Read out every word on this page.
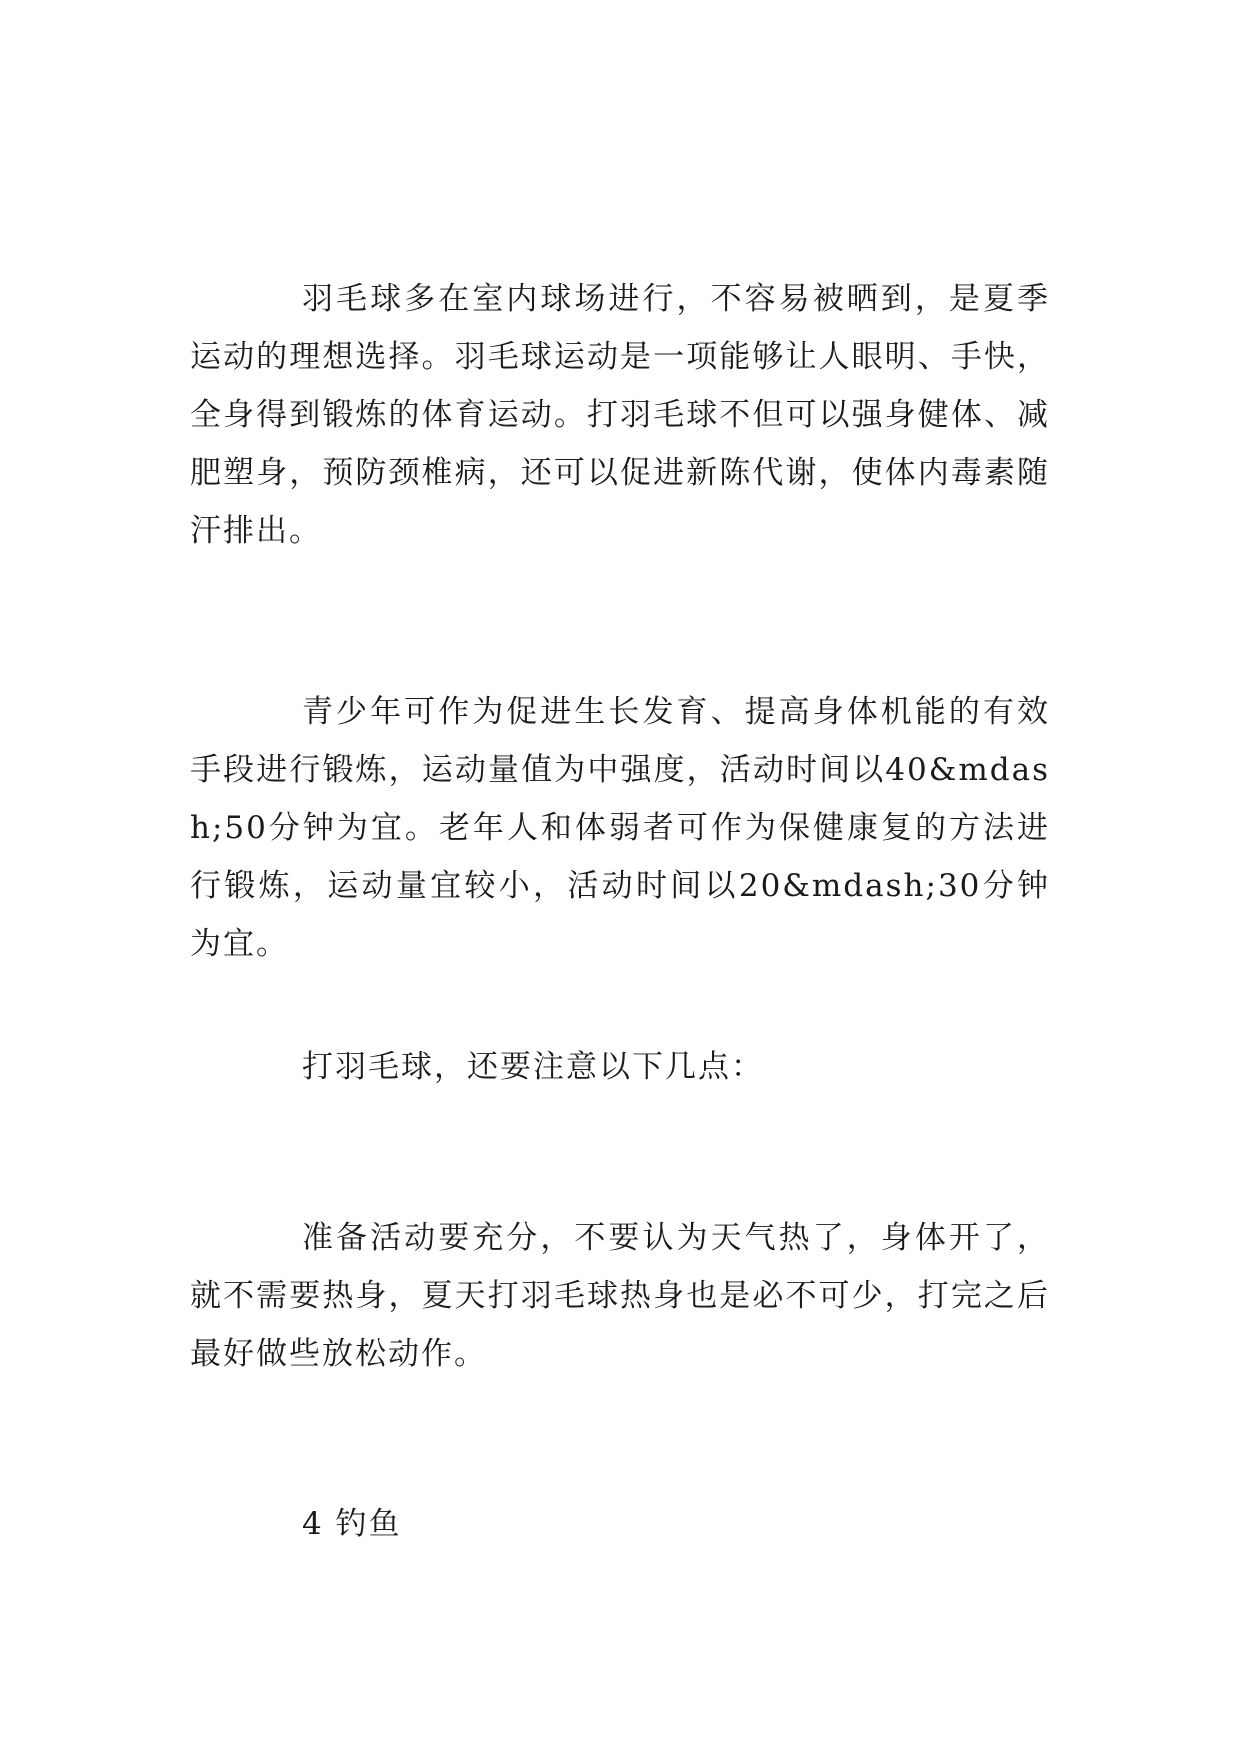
羽毛球多在室内球场进行，不容易被晒到，是夏季运动的理想选择。羽毛球运动是一项能够让人眼明、手快，全身得到锻炼的体育运动。打羽毛球不但可以强身健体、减肥塑身，预防颈椎病，还可以促进新陈代谢，使体内毒素随汗排出。

青少年可作为促进生长发育、提高身体机能的有效手段进行锻炼，运动量值为中强度，活动时间以40&mdash;50分钟为宜。老年人和体弱者可作为保健康复的方法进行锻炼，运动量宜较小，活动时间以20&mdash;30分钟为宜。

打羽毛球，还要注意以下几点：

准备活动要充分，不要认为天气热了，身体开了，就不需要热身，夏天打羽毛球热身也是必不可少，打完之后最好做些放松动作。

4 钓鱼
